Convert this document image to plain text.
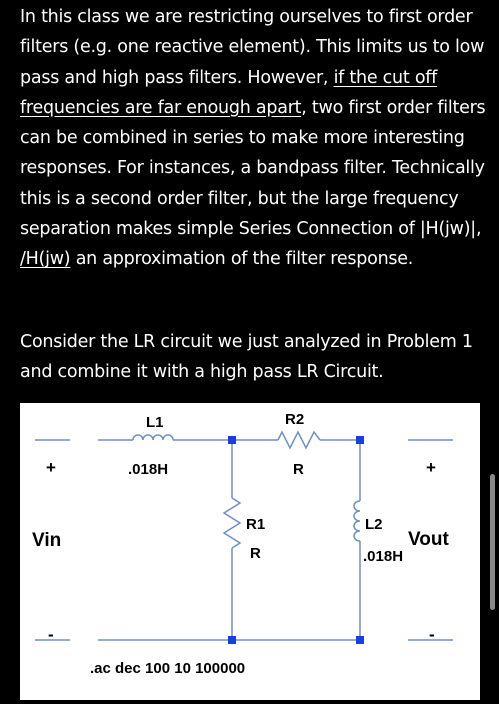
In this class we are restricting ourselves to first order filters (e.g. one reactive element). This limits us to low pass and high pass filters. However, if the cut off frequencies are far enough apart, two first order filters can be combined in series to make more interesting responses. For instances, a bandpass filter. Technically this is a second order filter, but the large frequency separation makes simple Series Connection of |H(jw)|, /H(jw) an approximation of the filter response.

Consider the LR circuit we just analyzed in Problem 1 and combine it with a high pass LR Circuit.

+
Vin
-
L1
.018H
R2
R
R1
R
L2
.018H
+
Vout
-
.ac dec 100 10 100000
